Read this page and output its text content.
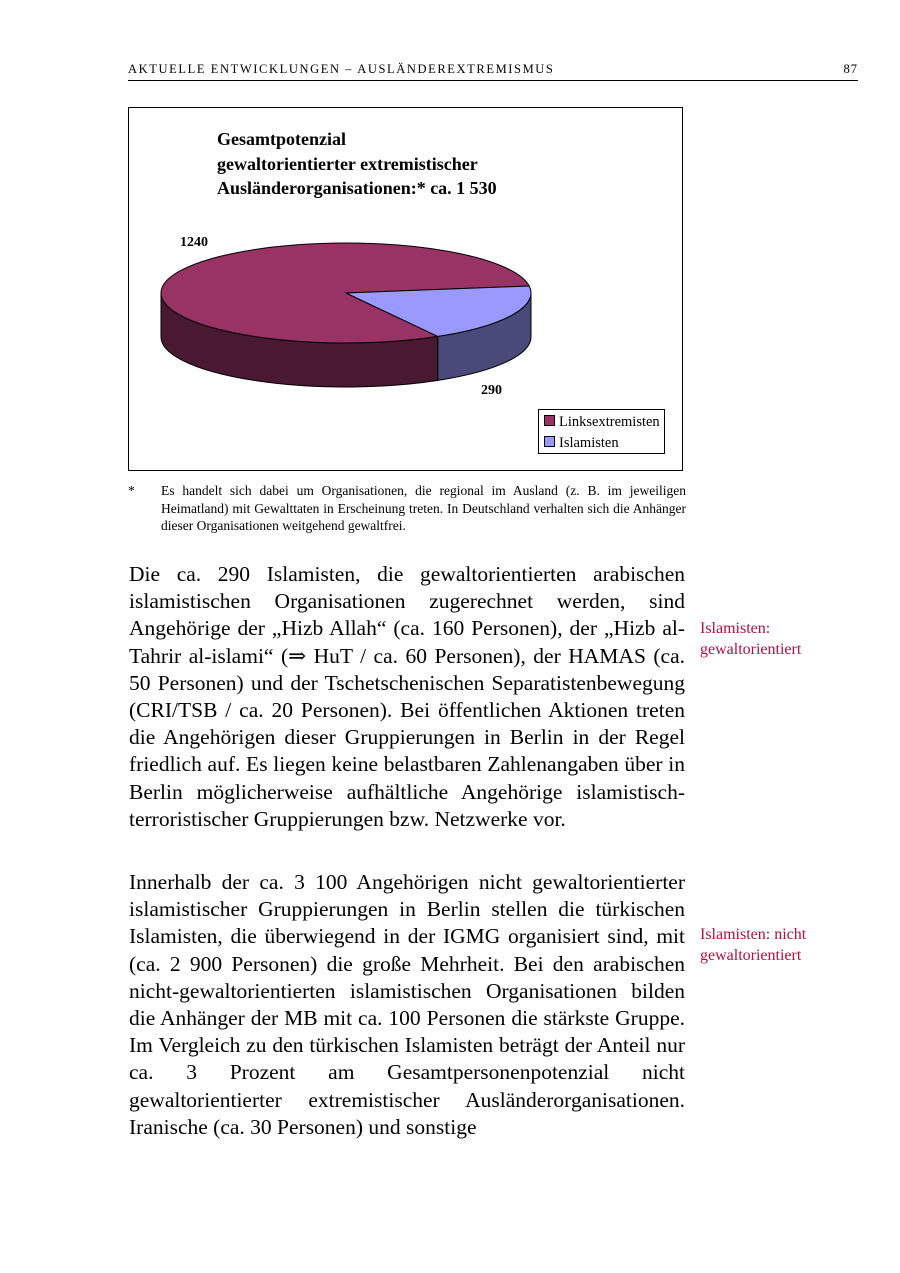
AKTUELLE ENTWICKLUNGEN – AUSLÄNDEREXTREMISMUS	87
Gesamtpotenzial
gewaltorientierter extremistischer
Ausländerorganisationen:* ca. 1 530
1240
290
Linksextremisten
Islamisten
* Es handelt sich dabei um Organisationen, die regional im Ausland (z. B. im jeweiligen Heimatland) mit Gewalttaten in Erscheinung treten. In Deutschland verhalten sich die Anhänger dieser Organisationen weitgehend gewaltfrei.
Die ca. 290 Islamisten, die gewaltorientierten arabischen islamistischen Organisationen zugerechnet werden, sind Angehörige der „Hizb Allah“ (ca. 160 Personen), der „Hizb al-Tahrir al-islami“ (⇒ HuT / ca. 60 Personen), der HAMAS (ca. 50 Personen) und der Tschetschenischen Separatistenbewegung (CRI/TSB / ca. 20 Personen). Bei öffentlichen Aktionen treten die Angehörigen dieser Gruppierungen in Berlin in der Regel friedlich auf. Es liegen keine belastbaren Zahlenangaben über in Berlin möglicherweise aufhältliche Angehörige islamistisch-terroristischer Gruppierungen bzw. Netzwerke vor.
Innerhalb der ca. 3 100 Angehörigen nicht gewaltorientierter islamistischer Gruppierungen in Berlin stellen die türkischen Islamisten, die überwiegend in der IGMG organisiert sind, mit (ca. 2 900 Personen) die große Mehrheit. Bei den arabischen nicht-gewaltorientierten islamistischen Organisationen bilden die Anhänger der MB mit ca. 100 Personen die stärkste Gruppe. Im Vergleich zu den türkischen Islamisten beträgt der Anteil nur ca. 3 Prozent am Gesamtpersonenpotenzial nicht gewaltorientierter extremistischer Ausländerorganisationen. Iranische (ca. 30 Personen) und sonstige
Islamisten:
gewaltorientiert
Islamisten: nicht
gewaltorientiert
